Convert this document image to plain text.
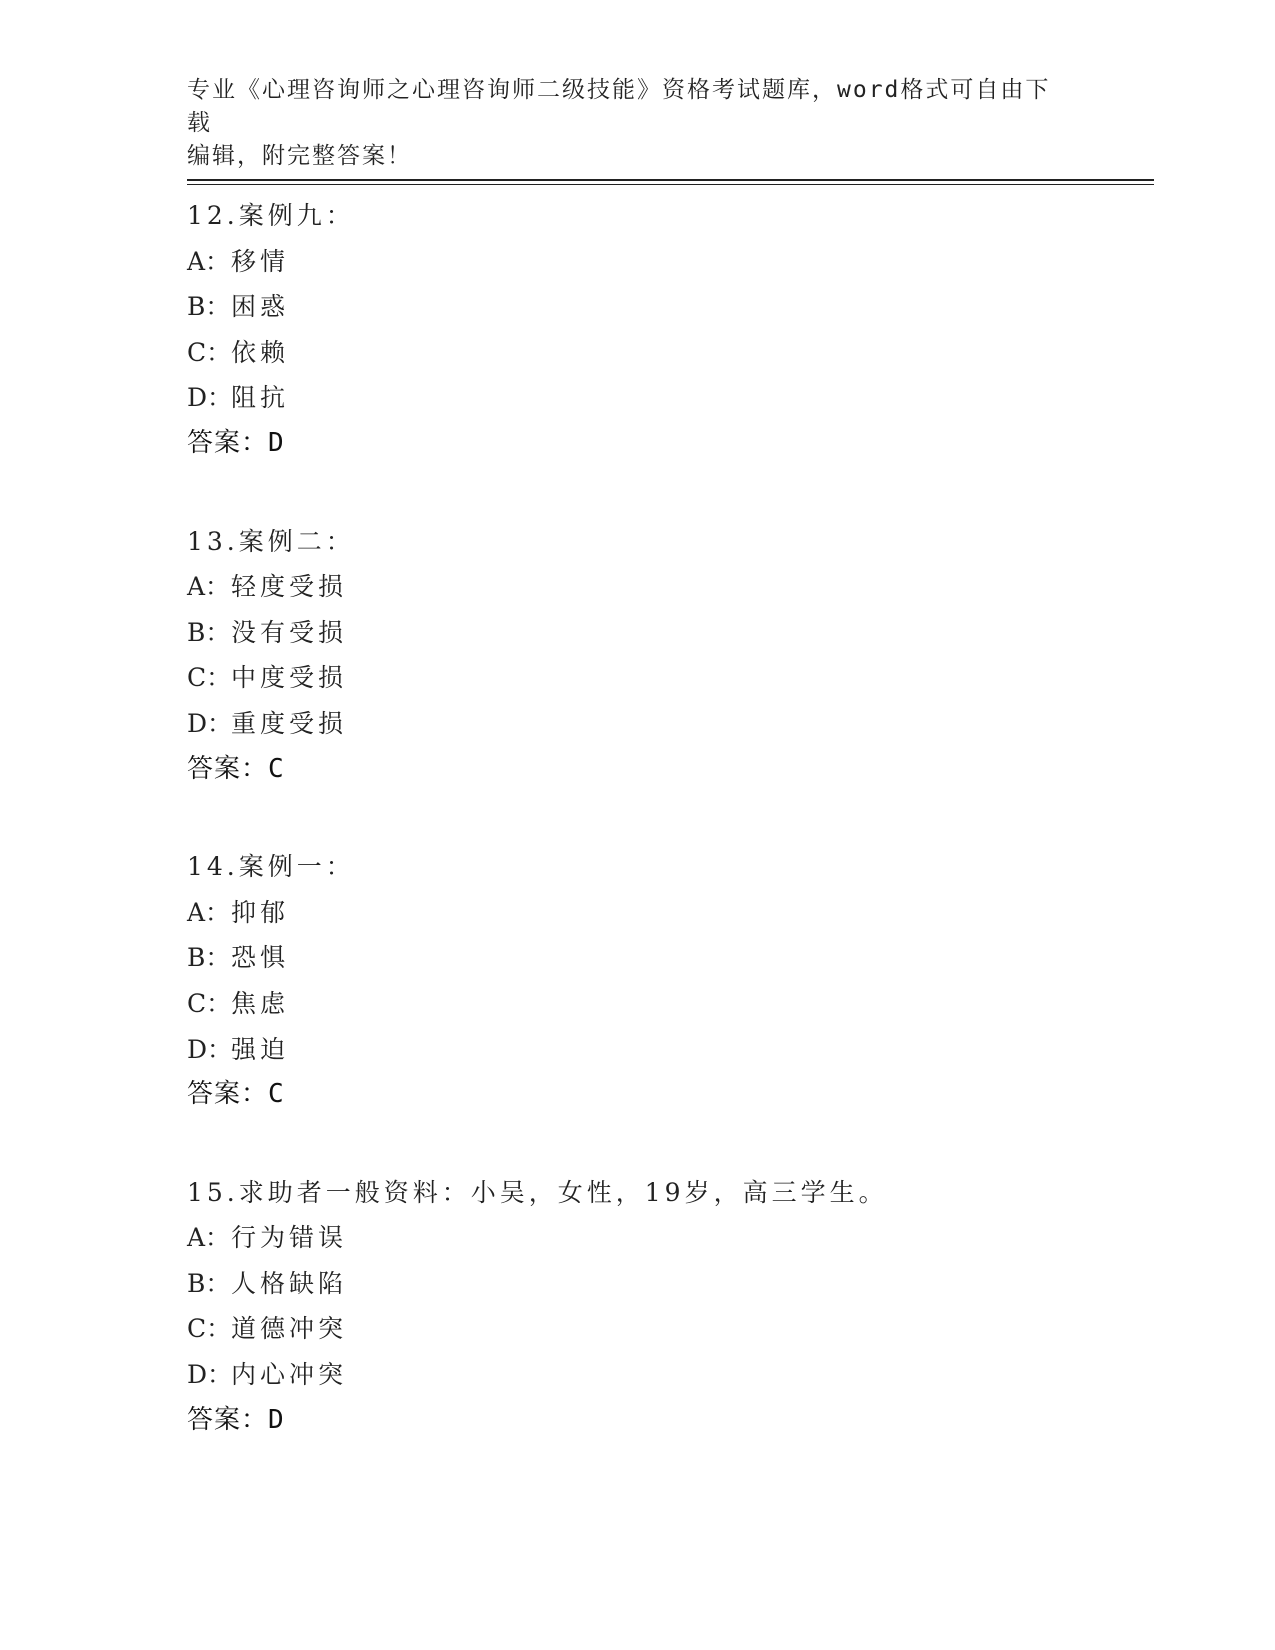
专业《心理咨询师之心理咨询师二级技能》资格考试题库，word格式可自由下载
编辑，附完整答案！
12.案例九：
A：移情
B：困惑
C：依赖
D：阻抗
答案：D
13.案例二：
A：轻度受损
B：没有受损
C：中度受损
D：重度受损
答案：C
14.案例一：
A：抑郁
B：恐惧
C：焦虑
D：强迫
答案：C
15.求助者一般资料：小吴，女性，19岁，高三学生。
A：行为错误
B：人格缺陷
C：道德冲突
D：内心冲突
答案：D
